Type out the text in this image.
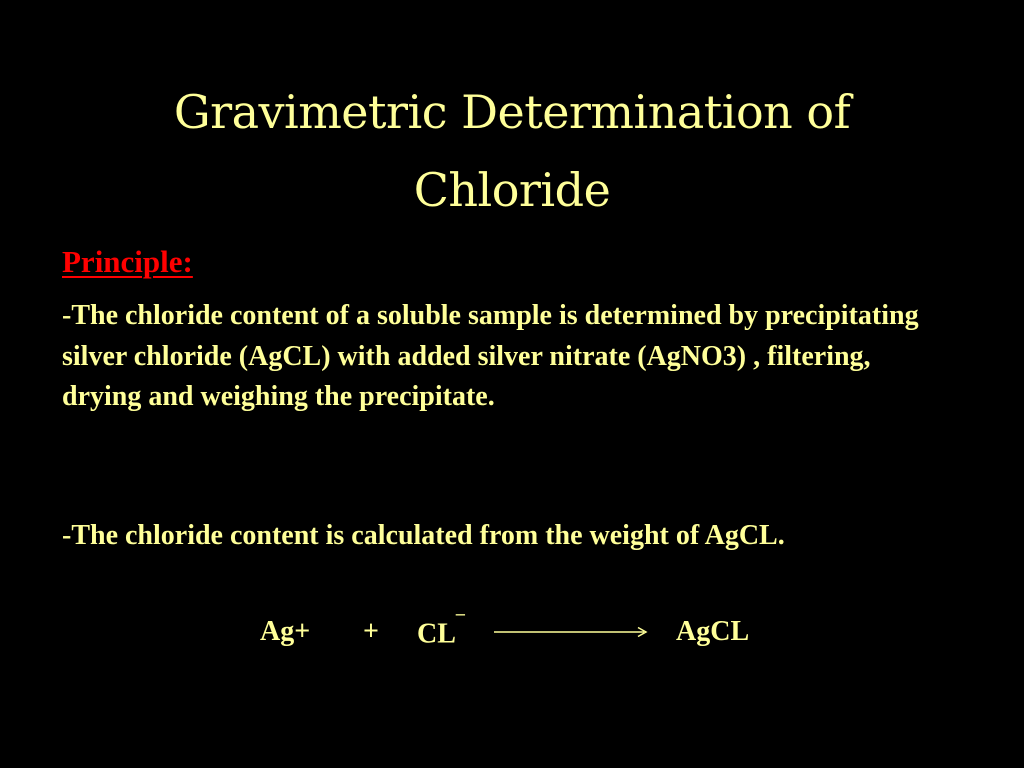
Gravimetric Determination of
Chloride
Principle:

-The chloride content of a soluble sample is determined by precipitating silver chloride (AgCL) with added silver nitrate (AgNO3) , filtering, drying and weighing the precipitate.

-The chloride content is calculated from the weight of AgCL.

Ag+ + CL¯	AgCL
